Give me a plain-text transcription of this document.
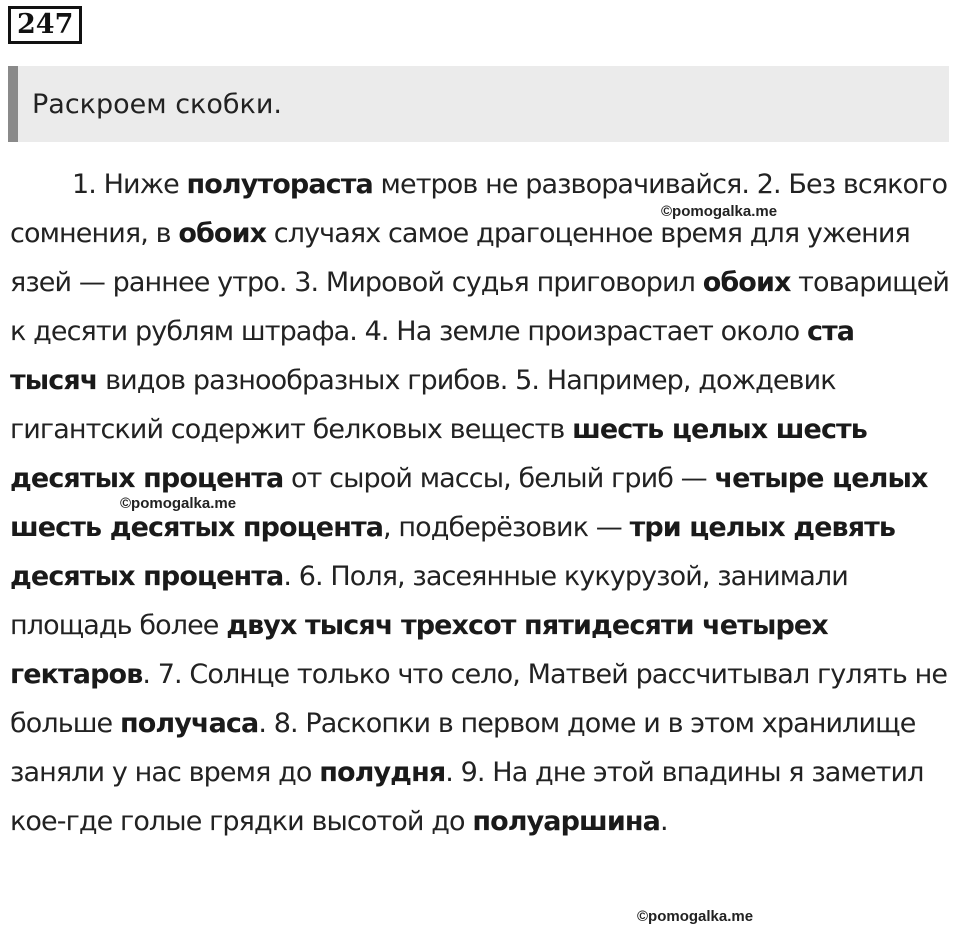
247
Раскроем скобки.
1. Ниже полутораста метров не разворачивайся. 2. Без всякого сомнения, в обоих случаях самое драгоценное время для ужения язей — раннее утро. 3. Мировой судья приговорил обоих товарищей к десяти рублям штрафа. 4. На земле произрастает около ста тысяч видов разнообразных грибов. 5. Например, дождевик гигантский содержит белковых веществ шесть целых шесть десятых процента от сырой массы, белый гриб — четыре целых шесть десятых процента, подберёзовик — три целых девять десятых процента. 6. Поля, засеянные кукурузой, занимали площадь более двух тысяч трехсот пятидесяти четырех гектаров. 7. Солнце только что село, Матвей рассчитывал гулять не больше получаса. 8. Раскопки в первом доме и в этом хранилище заняли у нас время до полудня. 9. На дне этой впадины я заметил кое-где голые грядки высотой до полуаршина.
©pomogalka.me
©pomogalka.me
©pomogalka.me
